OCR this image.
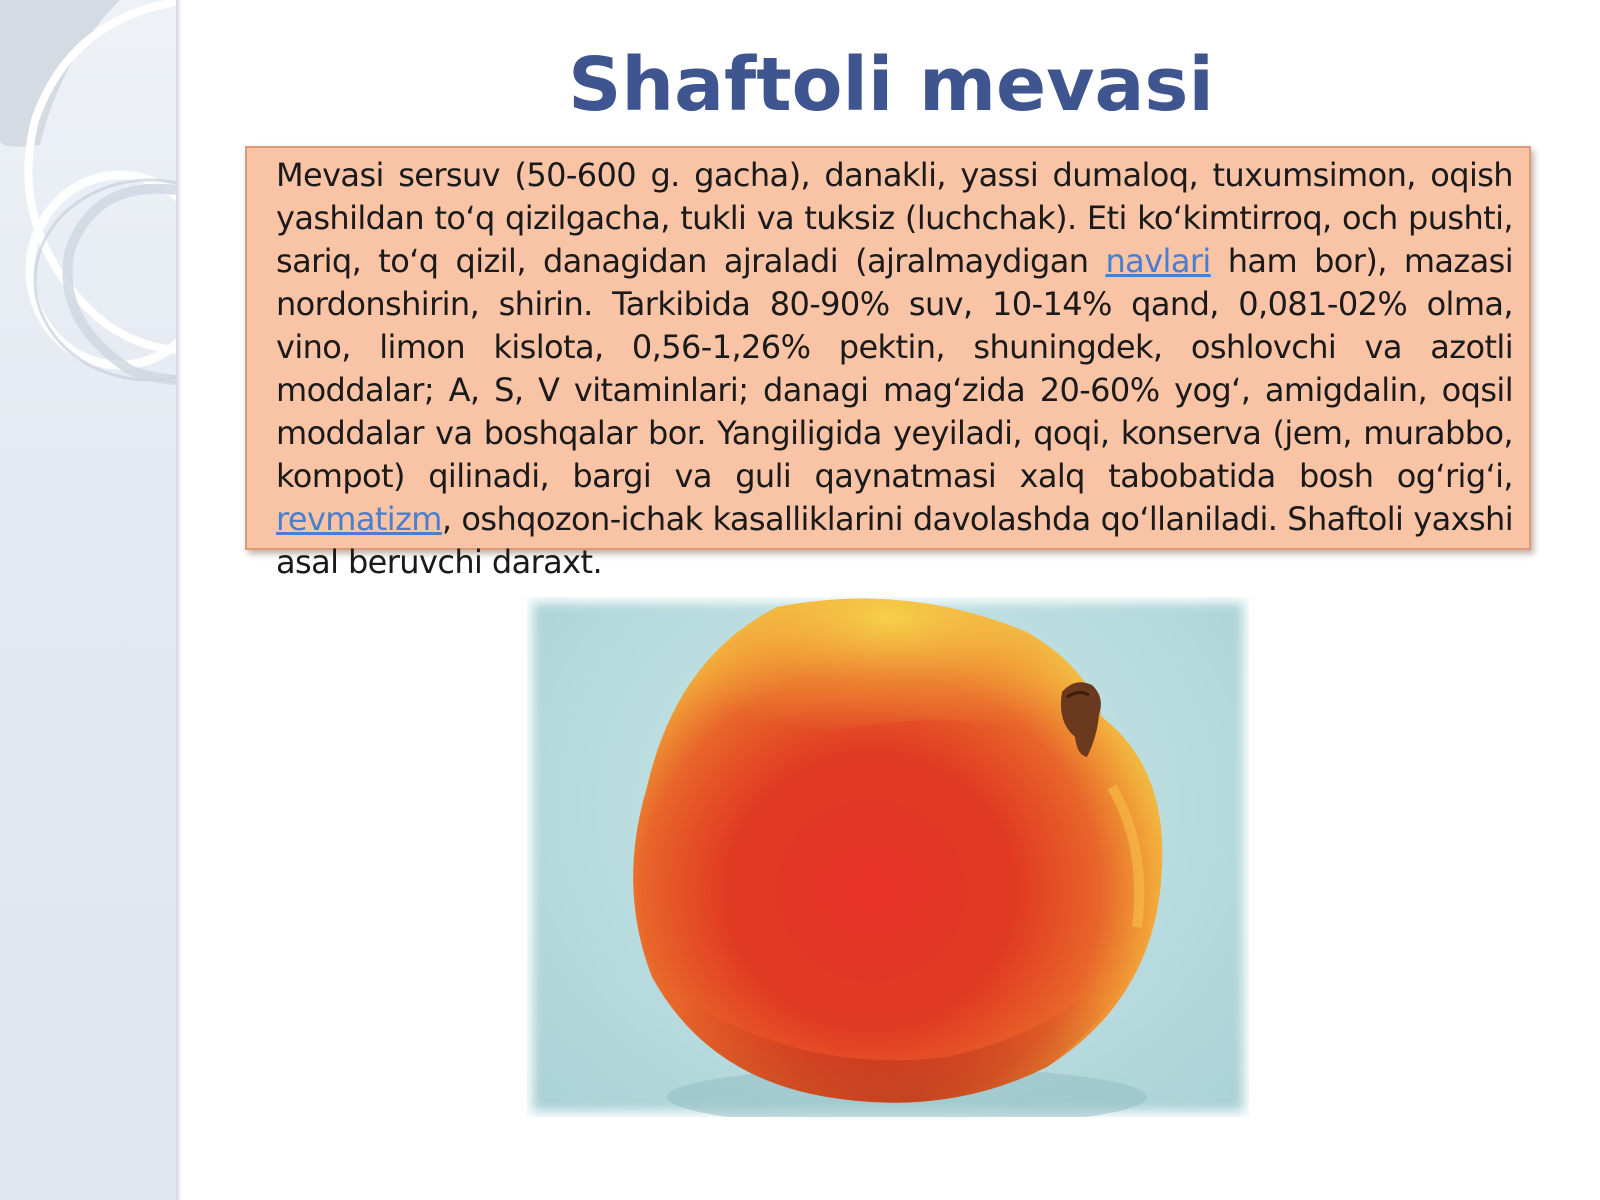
Shaftoli mevasi

Mevasi sersuv (50-600 g. gacha), danakli, yassi dumaloq, tuxumsimon, oqish yashildan to‘q qizilgacha, tukli va tuksiz (luchchak). Eti ko‘kimtirroq, och pushti, sariq, to‘q qizil, danagidan ajraladi (ajralmaydigan navlari ham bor), mazasi nordonshirin, shirin. Tarkibida 80-90% suv, 10-14% qand, 0,081-02% olma, vino, limon kislota, 0,56-1,26% pektin, shuningdek, oshlovchi va azotli moddalar; A, S, V vitaminlari; danagi mag‘zida 20-60% yog‘, amigdalin, oqsil moddalar va boshqalar bor. Yangiligida yeyiladi, qoqi, konserva (jem, murabbo, kompot) qilinadi, bargi va guli qaynatmasi xalq tabobatida bosh og‘rig‘i, revmatizm, oshqozon-ichak kasalliklarini davolashda qo‘llaniladi. Shaftoli yaxshi asal beruvchi daraxt.
